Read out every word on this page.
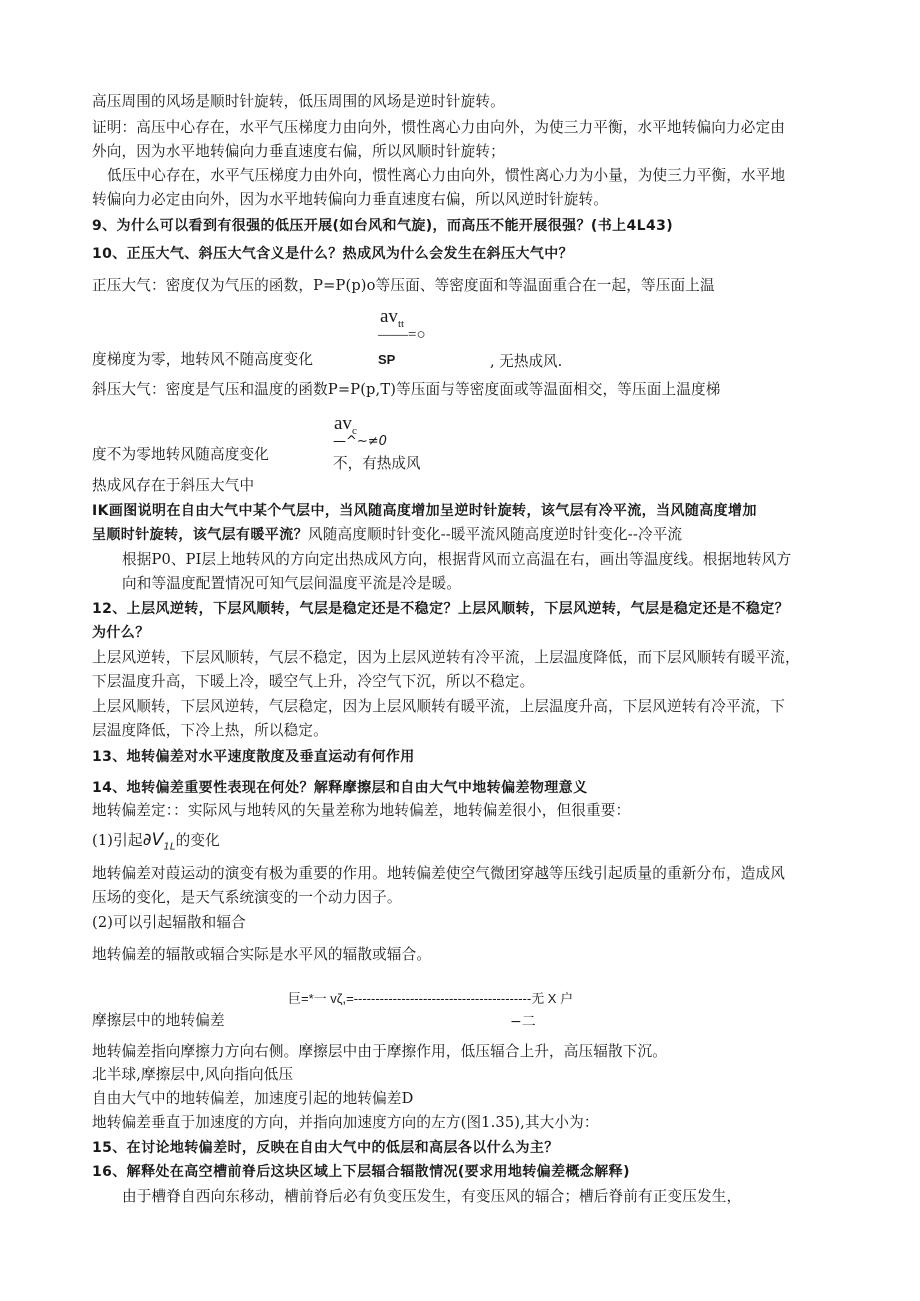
高压周围的风场是顺时针旋转，低压周围的风场是逆时针旋转。
证明：高压中心存在，水平气压梯度力由向外，惯性离心力由向外，为使三力平衡，水平地转偏向力必定由
外向，因为水平地转偏向力垂直速度右偏，所以风顺时针旋转；
低压中心存在，水平气压梯度力由外向，惯性离心力由向外，惯性离心力为小量，为使三力平衡，水平地
转偏向力必定由向外，因为水平地转偏向力垂直速度右偏，所以风逆时针旋转。
9、为什么可以看到有很强的低压开展(如台风和气旋)，而高压不能开展很强？(书上4L43)
10、正压大气、斜压大气含义是什么？热成风为什么会发生在斜压大气中？
正压大气：密度仅为气压的函数，P=P(p)o等压面、等密度面和等温面重合在一起，等压面上温
$av_{tt}$
——=○
度梯度为零，地转风不随高度变化	SP	, 无热成风.
斜压大气：密度是气压和温度的函数P=P(p,T)等压面与等密度面或等温面相交，等压面上温度梯
$av_c$
—^~≠0
度不为零地转风随高度变化
不，有热成风
热成风存在于斜压大气中
IK画图说明在自由大气中某个气层中，当风随高度增加呈逆时针旋转，该气层有冷平流，当风随高度增加
呈顺时针旋转，该气层有暖平流？风随高度顺时针变化--暖平流风随高度逆时针变化--冷平流
根据P0、PI层上地转风的方向定出热成风方向，根据背风而立高温在右，画出等温度线。根据地转风方
向和等温度配置情况可知气层间温度平流是冷是暖。
12、上层风逆转，下层风顺转，气层是稳定还是不稳定？上层风顺转，下层风逆转，气层是稳定还是不稳定？
为什么？
上层风逆转，下层风顺转，气层不稳定，因为上层风逆转有冷平流，上层温度降低，而下层风顺转有暖平流，
下层温度升高，下暖上冷，暖空气上升，冷空气下沉，所以不稳定。
上层风顺转，下层风逆转，气层稳定，因为上层风顺转有暖平流，上层温度升高，下层风逆转有冷平流，下
层温度降低，下冷上热，所以稳定。
13、地转偏差对水平速度散度及垂直运动有何作用
14、地转偏差重要性表现在何处？解释摩擦层和自由大气中地转偏差物理意义
地转偏差定：：实际风与地转风的矢量差称为地转偏差，地转偏差很小，但很重要：
(1)引起$\partial V_{1L}$的变化
地转偏差对葭运动的演变有极为重要的作用。地转偏差使空气微团穿越等压线引起质量的重新分布，造成风
压场的变化，是天气系统演变的一个动力因子。
(2)可以引起辐散和辐合
地转偏差的辐散或辐合实际是水平风的辐散或辐合。
巨=*一 vζ,=-----------------------------------------无 X 户
摩擦层中的地转偏差	−二
地转偏差指向摩擦力方向右侧。摩擦层中由于摩擦作用，低压辐合上升，高压辐散下沉。
北半球,摩擦层中,风向指向低压
自由大气中的地转偏差，加速度引起的地转偏差D
地转偏差垂直于加速度的方向，并指向加速度方向的左方(图1.35),其大小为：
15、在讨论地转偏差时，反映在自由大气中的低层和高层各以什么为主？
16、解释处在高空槽前脊后这块区域上下层辐合辐散情况(要求用地转偏差概念解释)
由于槽脊自西向东移动，槽前脊后必有负变压发生，有变压风的辐合；槽后脊前有正变压发生，
